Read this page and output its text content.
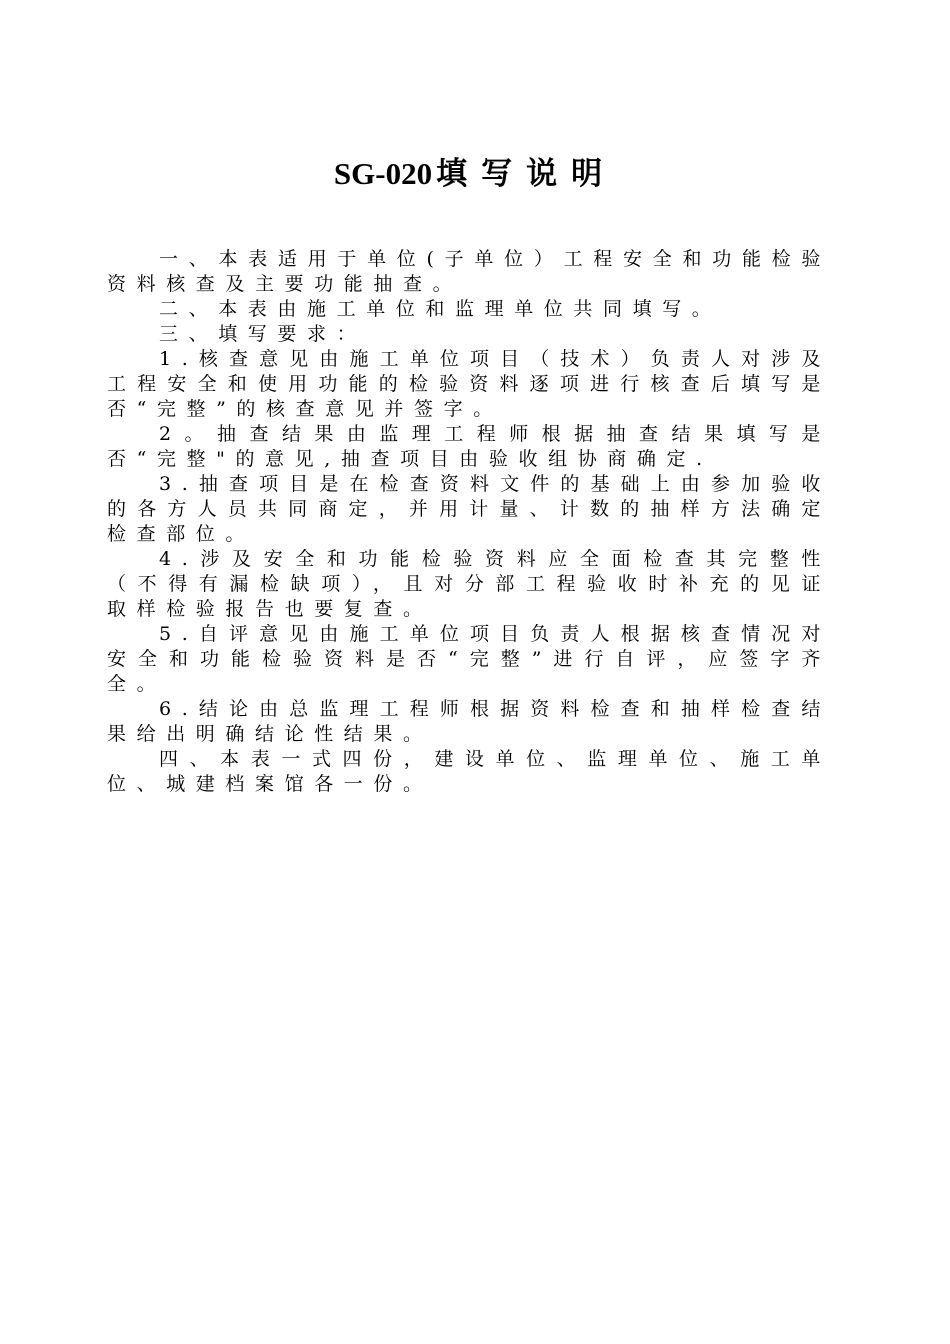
SG-020 填写说明

一、本表适用于单位(子单位）工程安全和功能检验资料核查及主要功能抽查。

二、本表由施工单位和监理单位共同填写。

三、填写要求：

1.核查意见由施工单位项目（技术）负责人对涉及工程安全和使用功能的检验资料逐项进行核查后填写是否“完整”的核查意见并签字。

2。抽查结果由监理工程师根据抽查结果填写是否“完整"的意见,抽查项目由验收组协商确定.

3.抽查项目是在检查资料文件的基础上由参加验收的各方人员共同商定，并用计量、计数的抽样方法确定检查部位。

4.涉及安全和功能检验资料应全面检查其完整性（不得有漏检缺项），且对分部工程验收时补充的见证取样检验报告也要复查。

5.自评意见由施工单位项目负责人根据核查情况对安全和功能检验资料是否“完整”进行自评，应签字齐全。

6.结论由总监理工程师根据资料检查和抽样检查结果给出明确结论性结果。

四、本表一式四份，建设单位、监理单位、施工单位、城建档案馆各一份。
